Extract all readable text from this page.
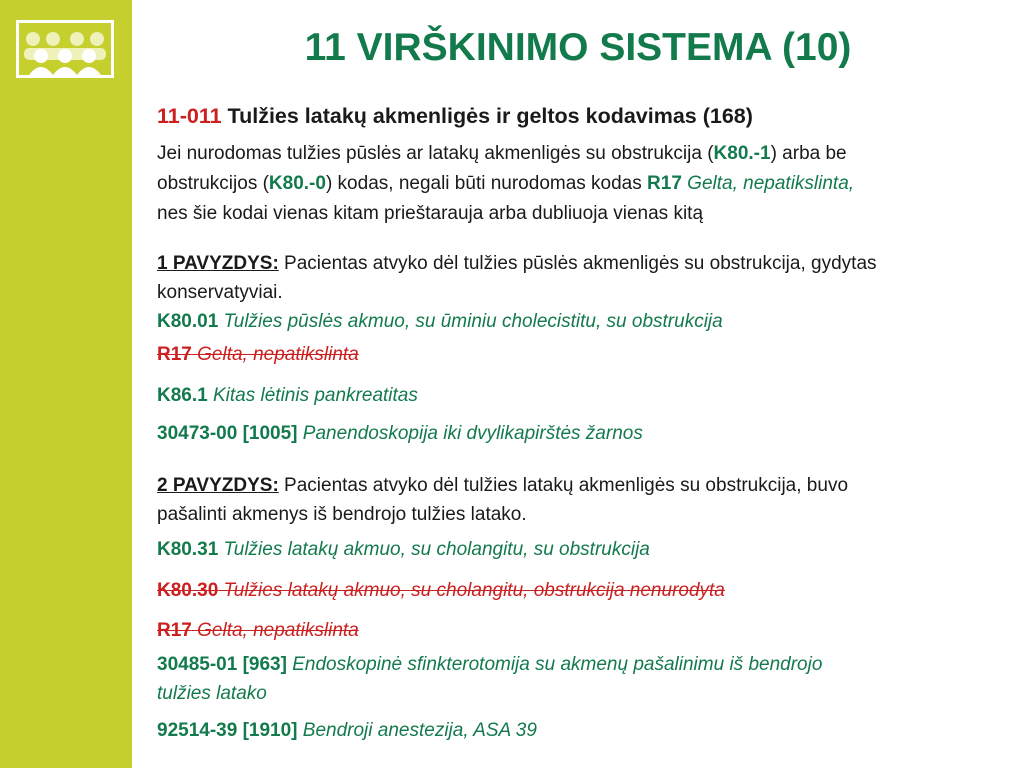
11 VIRŠKINIMO SISTEMA (10)
11-011 Tulžies latakų akmenligės ir geltos kodavimas (168)
Jei nurodomas tulžies pūslės ar latakų akmenligės su obstrukcija (K80.-1) arba be
obstrukcijos (K80.-0) kodas, negali būti nurodomas kodas R17 Gelta, nepatikslinta,
nes šie kodai vienas kitam prieštarauja arba dubliuoja vienas kitą
1 PAVYZDYS: Pacientas atvyko dėl tulžies pūslės akmenligės su obstrukcija, gydytas
konservatyviai.
K80.01 Tulžies pūslės akmuo, su ūminiu cholecistitu, su obstrukcija
R17 Gelta, nepatikslinta
K86.1 Kitas lėtinis pankreatitas
30473-00 [1005] Panendoskopija iki dvylikapirštės žarnos
2 PAVYZDYS: Pacientas atvyko dėl tulžies latakų akmenligės su obstrukcija, buvo
pašalinti akmenys iš bendrojo tulžies latako.
K80.31 Tulžies latakų akmuo, su cholangitu, su obstrukcija
K80.30 Tulžies latakų akmuo, su cholangitu, obstrukcija nenurodyta
R17 Gelta, nepatikslinta
30485-01 [963] Endoskopinė sfinkterotomija su akmenų pašalinimu iš bendrojo
tulžies latako
92514-39 [1910] Bendroji anestezija, ASA 39
